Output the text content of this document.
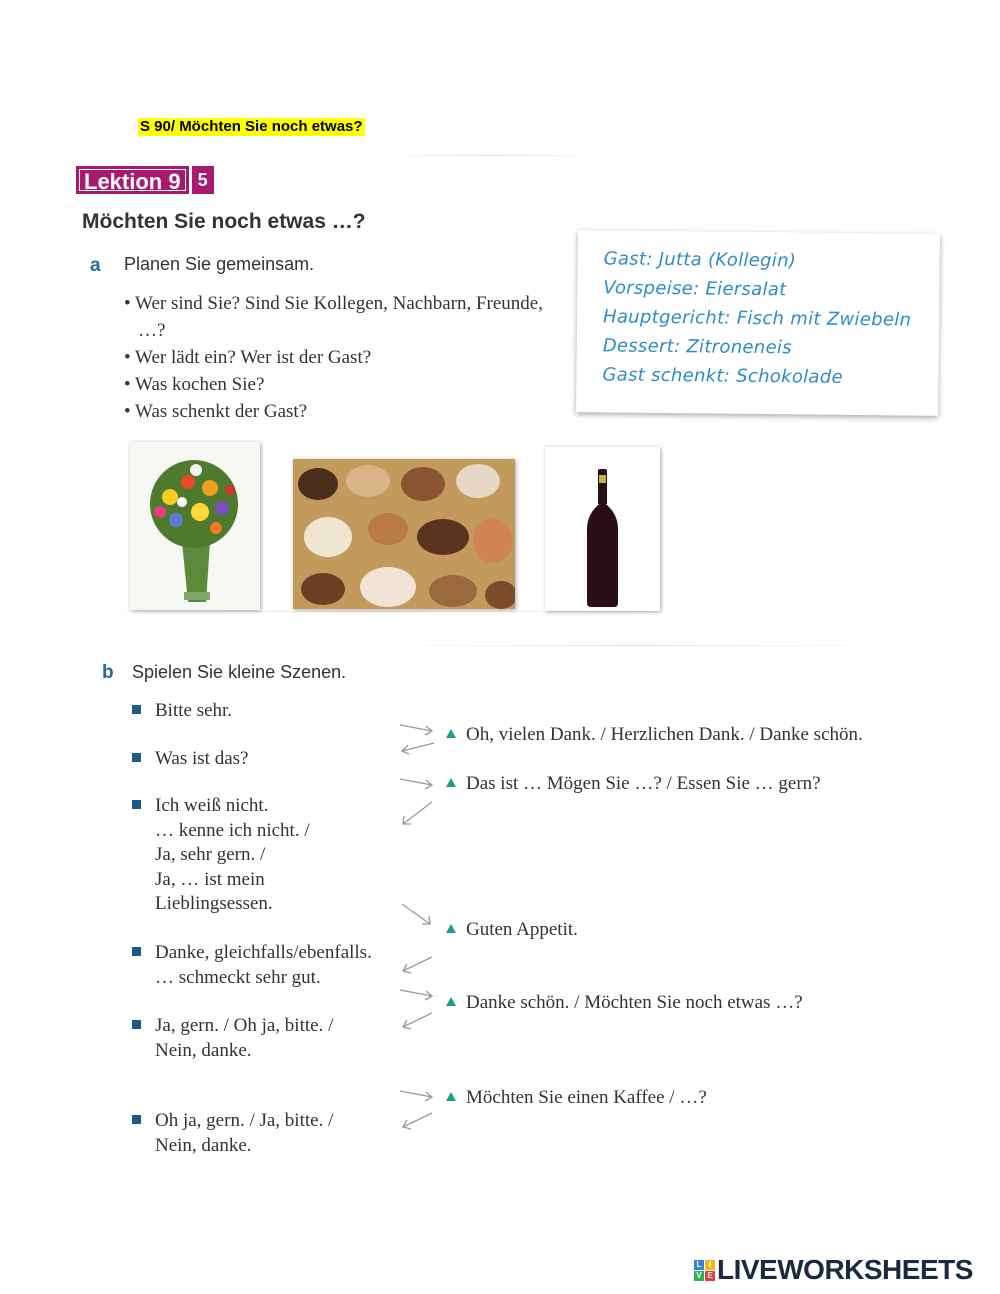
S 90/ Möchten Sie noch etwas?
Lektion 9 5
Möchten Sie noch etwas …?
a Planen Sie gemeinsam.
• Wer sind Sie? Sind Sie Kollegen, Nachbarn, Freunde, …?
• Wer lädt ein? Wer ist der Gast?
• Was kochen Sie?
• Was schenkt der Gast?
Gast: Jutta (Kollegin)
Vorspeise: Eiersalat
Hauptgericht: Fisch mit Zwiebeln
Dessert: Zitroneneis
Gast schenkt: Schokolade
b Spielen Sie kleine Szenen.
Bitte sehr.
Was ist das?
Ich weiß nicht.
… kenne ich nicht. /
Ja, sehr gern. /
Ja, … ist mein
Lieblingsessen.
Danke, gleichfalls/ebenfalls.
… schmeckt sehr gut.
Ja, gern. / Oh ja, bitte. /
Nein, danke.
Oh ja, gern. / Ja, bitte. /
Nein, danke.
Oh, vielen Dank. / Herzlichen Dank. / Danke schön.
Das ist … Mögen Sie …? / Essen Sie … gern?
Guten Appetit.
Danke schön. / Möchten Sie noch etwas …?
Möchten Sie einen Kaffee / …?
L I
V E LIVEWORKSHEETS
